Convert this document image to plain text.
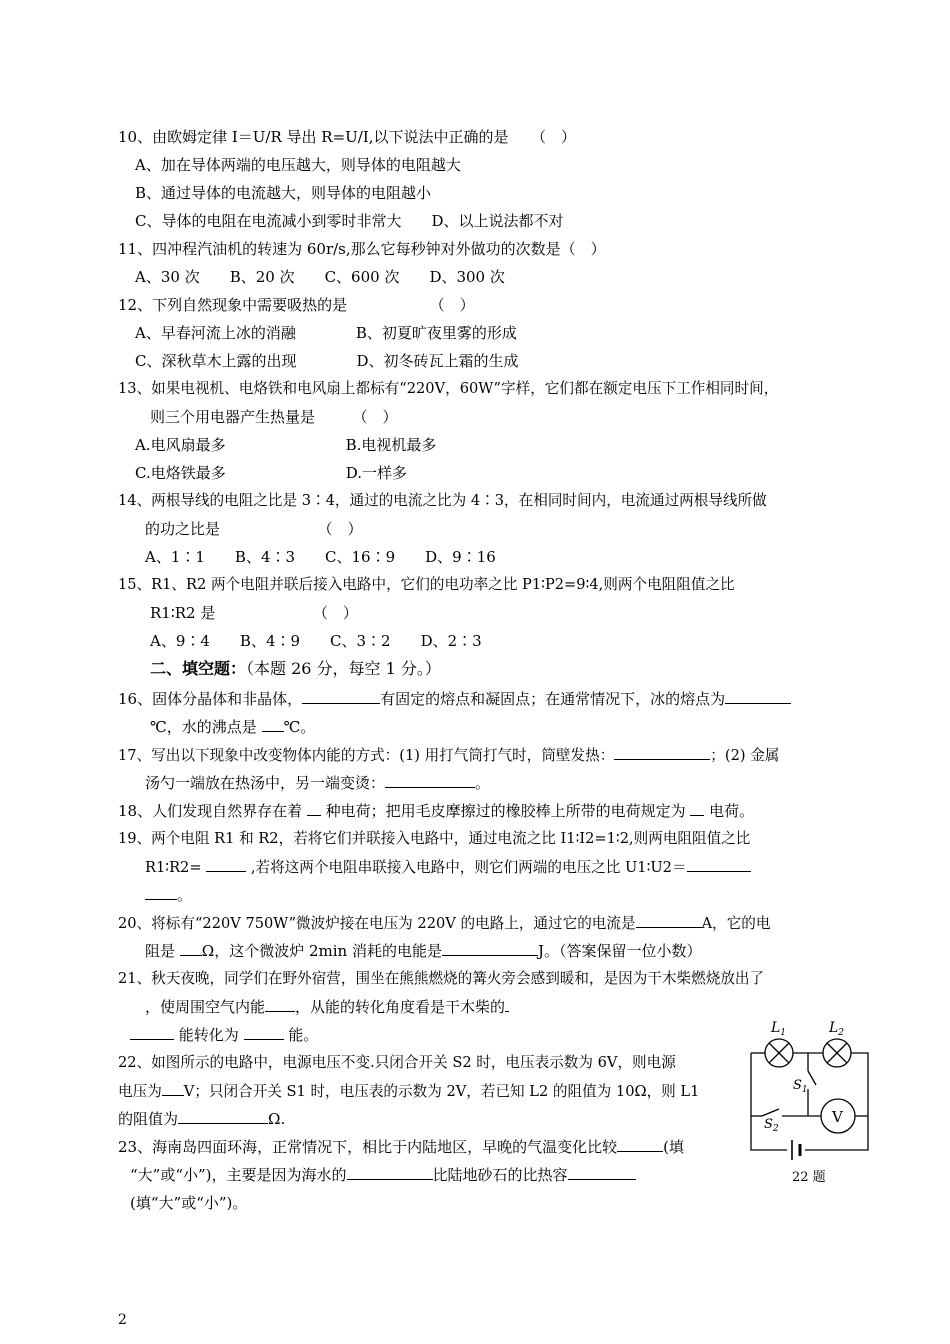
10、由欧姆定律 I＝U/R 导出 R=U/I,以下说法中正确的是　　（　）
A、加在导体两端的电压越大，则导体的电阻越大
B、通过导体的电流越大，则导体的电阻越小
C、导体的电阻在电流减小到零时非常大　　D、以上说法都不对
11、四冲程汽油机的转速为 60r/s,那么它每秒钟对外做功的次数是（　）
A、30 次　　B、20 次　　C、600 次　　D、300 次
12、下列自然现象中需要吸热的是　　　　　　（　）
A、早春河流上冰的消融　　　　B、初夏旷夜里雾的形成
C、深秋草木上露的出现　　　　D、初冬砖瓦上霜的生成
13、如果电视机、电烙铁和电风扇上都标有“220V，60W”字样，它们都在额定电压下工作相同时间，
则三个用电器产生热量是　　　（　）
A.电风扇最多　　　　　　　　B.电视机最多
C.电烙铁最多　　　　　　　　D.一样多
14、两根导线的电阻之比是 3∶4，通过的电流之比为 4∶3，在相同时间内，电流通过两根导线所做
的功之比是　　　　　　　（　）
A、1∶1　　B、4∶3　　C、16∶9　　D、9∶16
15、R1、R2 两个电阻并联后接入电路中，它们的电功率之比 P1∶P2=9∶4,则两个电阻阻值之比
R1∶R2 是　　　　　　　（　）
A、9∶4　　B、4∶9　　C、3∶2　　D、2∶3
二、填空题：（本题 26 分，每空 1 分。）
16、固体分晶体和非晶体，	有固定的熔点和凝固点；在通常情况下，冰的熔点为
℃，水的沸点是 ℃。
17、写出以下现象中改变物体内能的方式：(1) 用打气筒打气时，筒壁发热：	；(2) 金属
汤勺一端放在热汤中，另一端变烫：	。
18、人们发现自然界存在着  种电荷；把用毛皮摩擦过的橡胶棒上所带的电荷规定为  电荷。
19、两个电阻 R1 和 R2，若将它们并联接入电路中，通过电流之比 I1∶I2=1∶2,则两电阻阻值之比
R1∶R2=	,若将这两个电阻串联接入电路中，则它们两端的电压之比 U1∶U2＝
。
20、将标有“220V 750W”微波炉接在电压为 220V 的电路上，通过它的电流是	A，它的电
阻是 Ω，这个微波炉 2min 消耗的电能是	J。（答案保留一位小数）
21、秋天夜晚，同学们在野外宿营，围坐在熊熊燃烧的篝火旁会感到暖和，是因为干木柴燃烧放出了
，使周围空气内能 ，从能的转化角度看是干木柴的
能转化为	能。
22、如图所示的电路中，电源电压不变.只闭合开关 S2 时，电压表示数为 6V，则电源
电压为 V；只闭合开关 S1 时，电压表的示数为 2V，若已知 L2 的阻值为 10Ω，则 L1
的阻值为	Ω.
23、海南岛四面环海，正常情况下，相比于内陆地区，早晚的气温变化比较	(填
“大”或“小”)，主要是因为海水的	比陆地砂石的比热容
(填“大”或“小”)。
$L_1$	$L_2$
$S_1$
$S_2$
V
22 题
2
